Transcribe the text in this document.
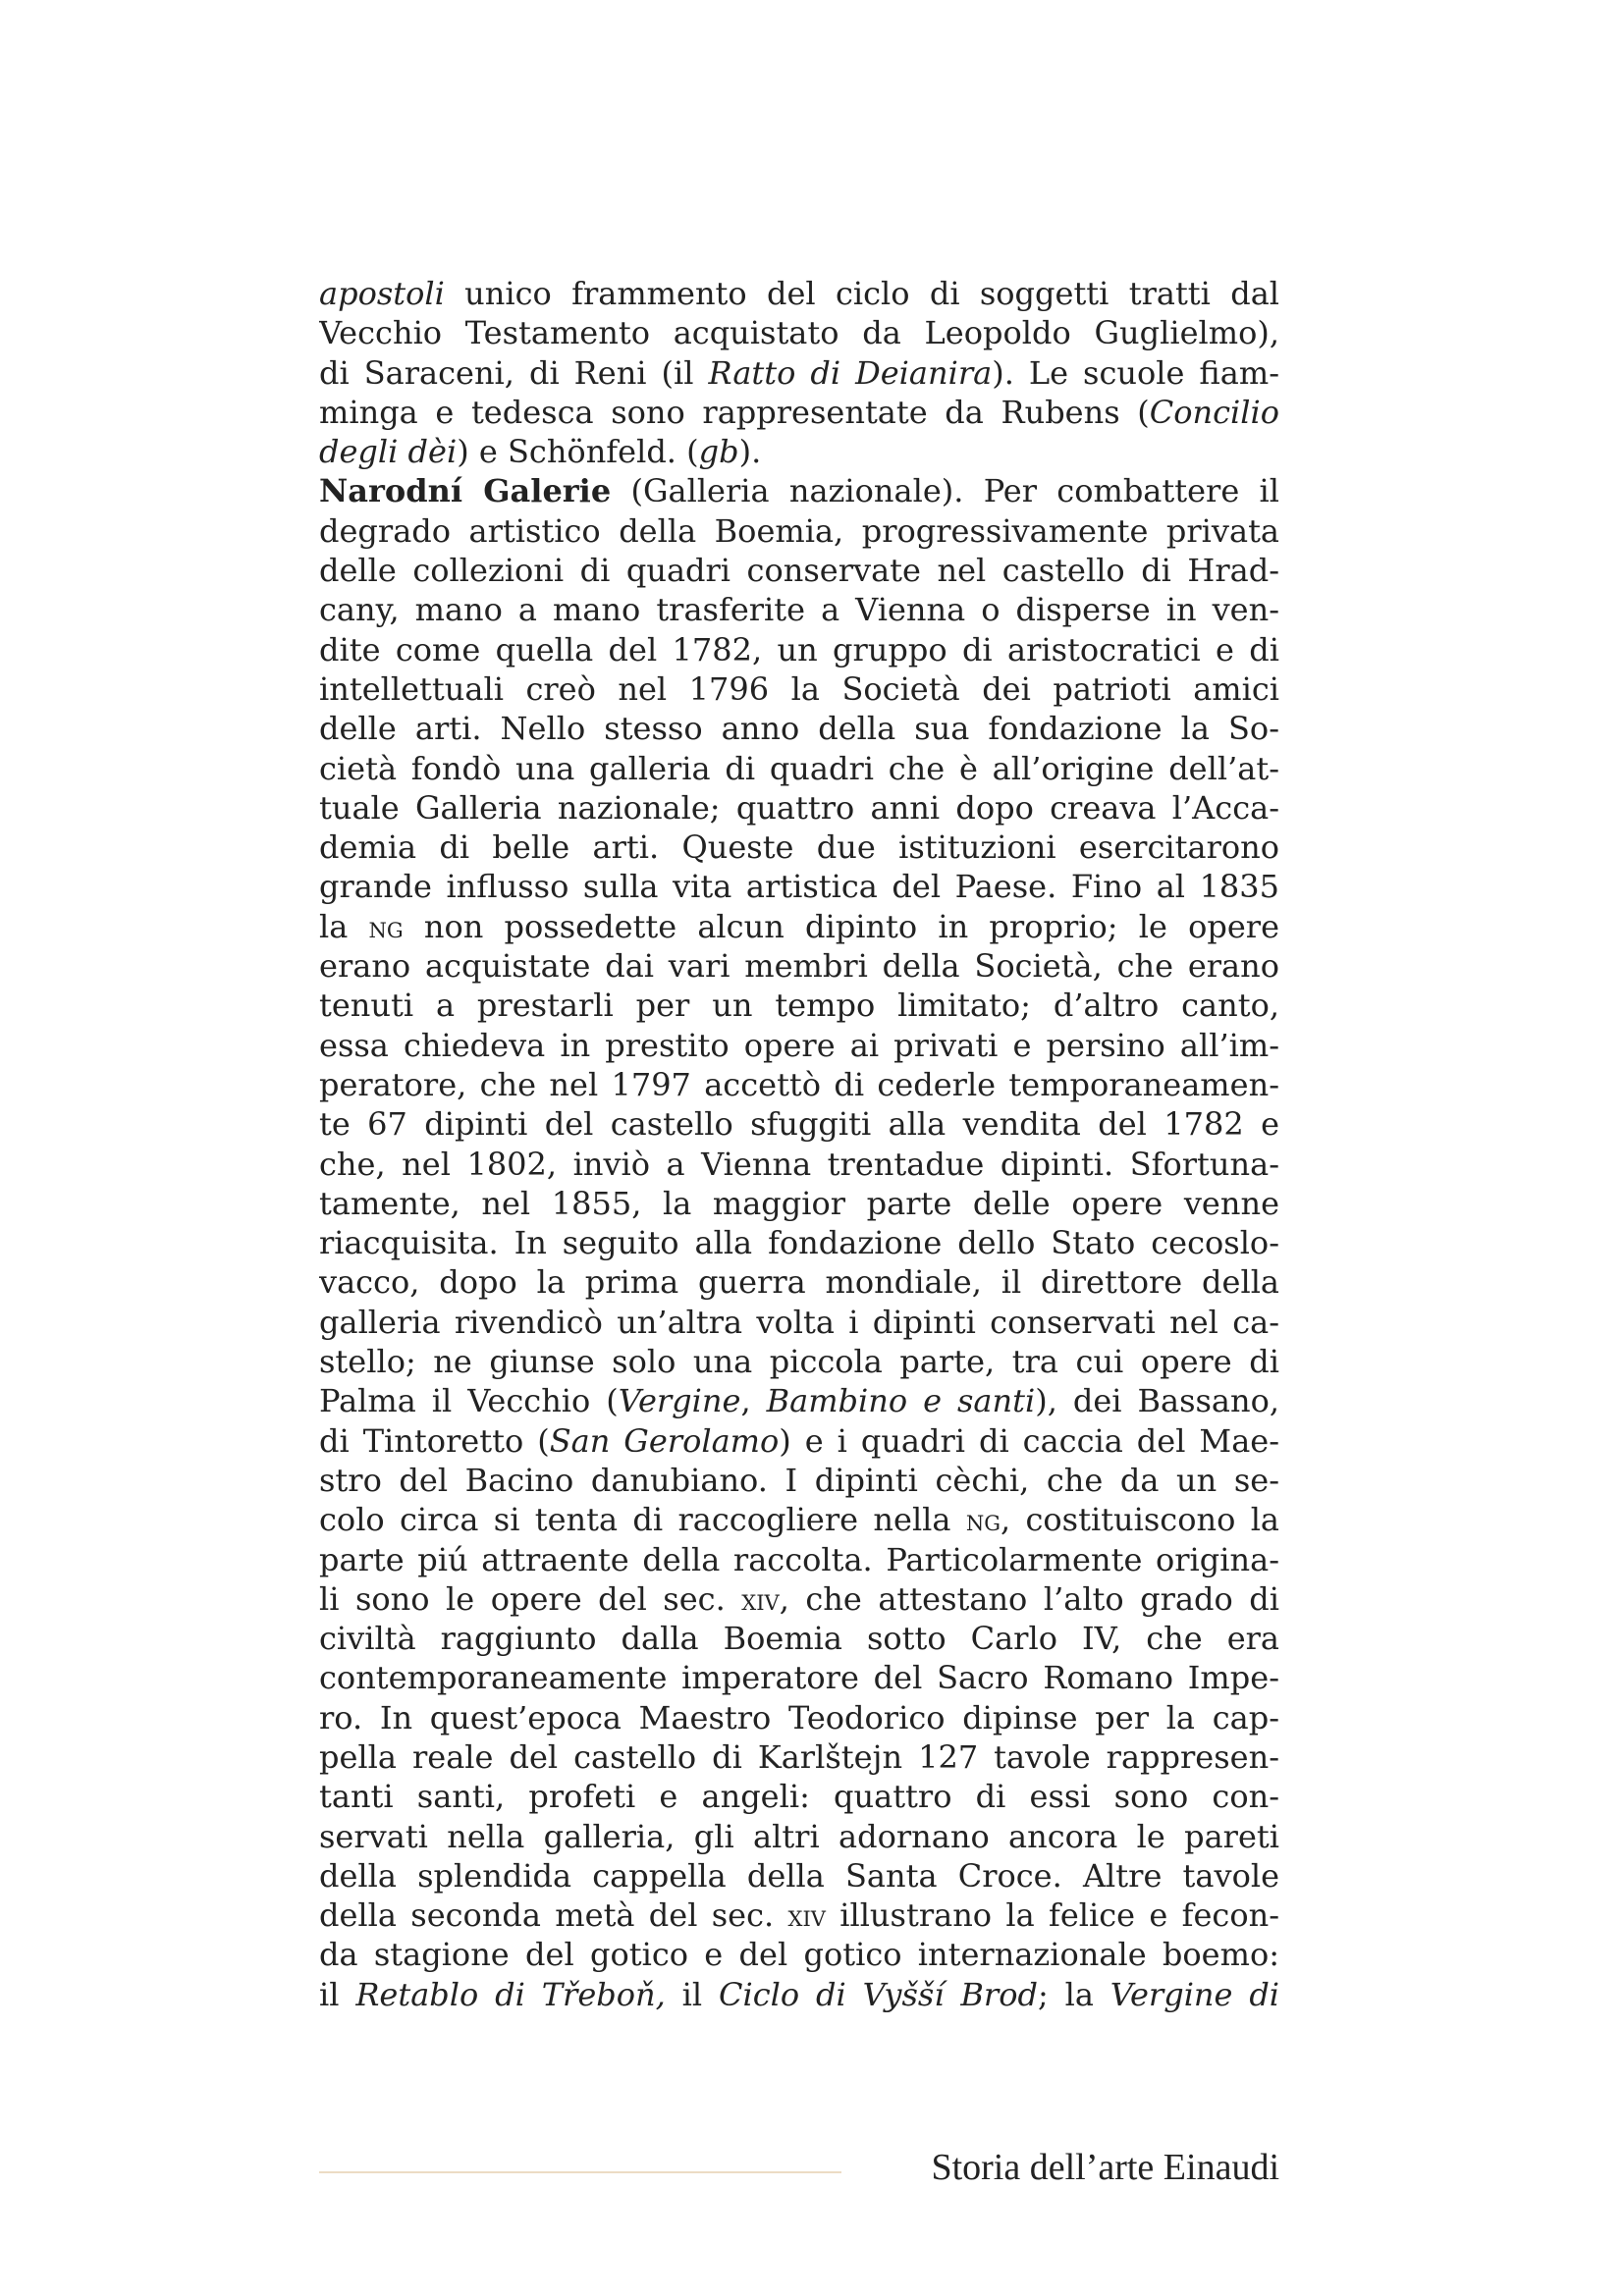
apostoli unico frammento del ciclo di soggetti tratti dal
Vecchio Testamento acquistato da Leopoldo Guglielmo),
di Saraceni, di Reni (il Ratto di Deianira). Le scuole fiam-
minga e tedesca sono rappresentate da Rubens (Concilio
degli dèi) e Schönfeld. (gb).
Narodní Galerie (Galleria nazionale). Per combattere il
degrado artistico della Boemia, progressivamente privata
delle collezioni di quadri conservate nel castello di Hrad-
cany, mano a mano trasferite a Vienna o disperse in ven-
dite come quella del 1782, un gruppo di aristocratici e di
intellettuali creò nel 1796 la Società dei patrioti amici
delle arti. Nello stesso anno della sua fondazione la So-
cietà fondò una galleria di quadri che è all’origine dell’at-
tuale Galleria nazionale; quattro anni dopo creava l’Acca-
demia di belle arti. Queste due istituzioni esercitarono
grande influsso sulla vita artistica del Paese. Fino al 1835
la ng non possedette alcun dipinto in proprio; le opere
erano acquistate dai vari membri della Società, che erano
tenuti a prestarli per un tempo limitato; d’altro canto,
essa chiedeva in prestito opere ai privati e persino all’im-
peratore, che nel 1797 accettò di cederle temporaneamen-
te 67 dipinti del castello sfuggiti alla vendita del 1782 e
che, nel 1802, inviò a Vienna trentadue dipinti. Sfortuna-
tamente, nel 1855, la maggior parte delle opere venne
riacquisita. In seguito alla fondazione dello Stato cecoslo-
vacco, dopo la prima guerra mondiale, il direttore della
galleria rivendicò un’altra volta i dipinti conservati nel ca-
stello; ne giunse solo una piccola parte, tra cui opere di
Palma il Vecchio (Vergine, Bambino e santi), dei Bassano,
di Tintoretto (San Gerolamo) e i quadri di caccia del Mae-
stro del Bacino danubiano. I dipinti cèchi, che da un se-
colo circa si tenta di raccogliere nella ng, costituiscono la
parte piú attraente della raccolta. Particolarmente origina-
li sono le opere del sec. xiv, che attestano l’alto grado di
civiltà raggiunto dalla Boemia sotto Carlo IV, che era
contemporaneamente imperatore del Sacro Romano Impe-
ro. In quest’epoca Maestro Teodorico dipinse per la cap-
pella reale del castello di Karlštejn 127 tavole rappresen-
tanti santi, profeti e angeli: quattro di essi sono con-
servati nella galleria, gli altri adornano ancora le pareti
della splendida cappella della Santa Croce. Altre tavole
della seconda metà del sec. xiv illustrano la felice e fecon-
da stagione del gotico e del gotico internazionale boemo:
il Retablo di Třeboň, il Ciclo di Vyšší Brod; la Vergine di
Storia dell’arte Einaudi
